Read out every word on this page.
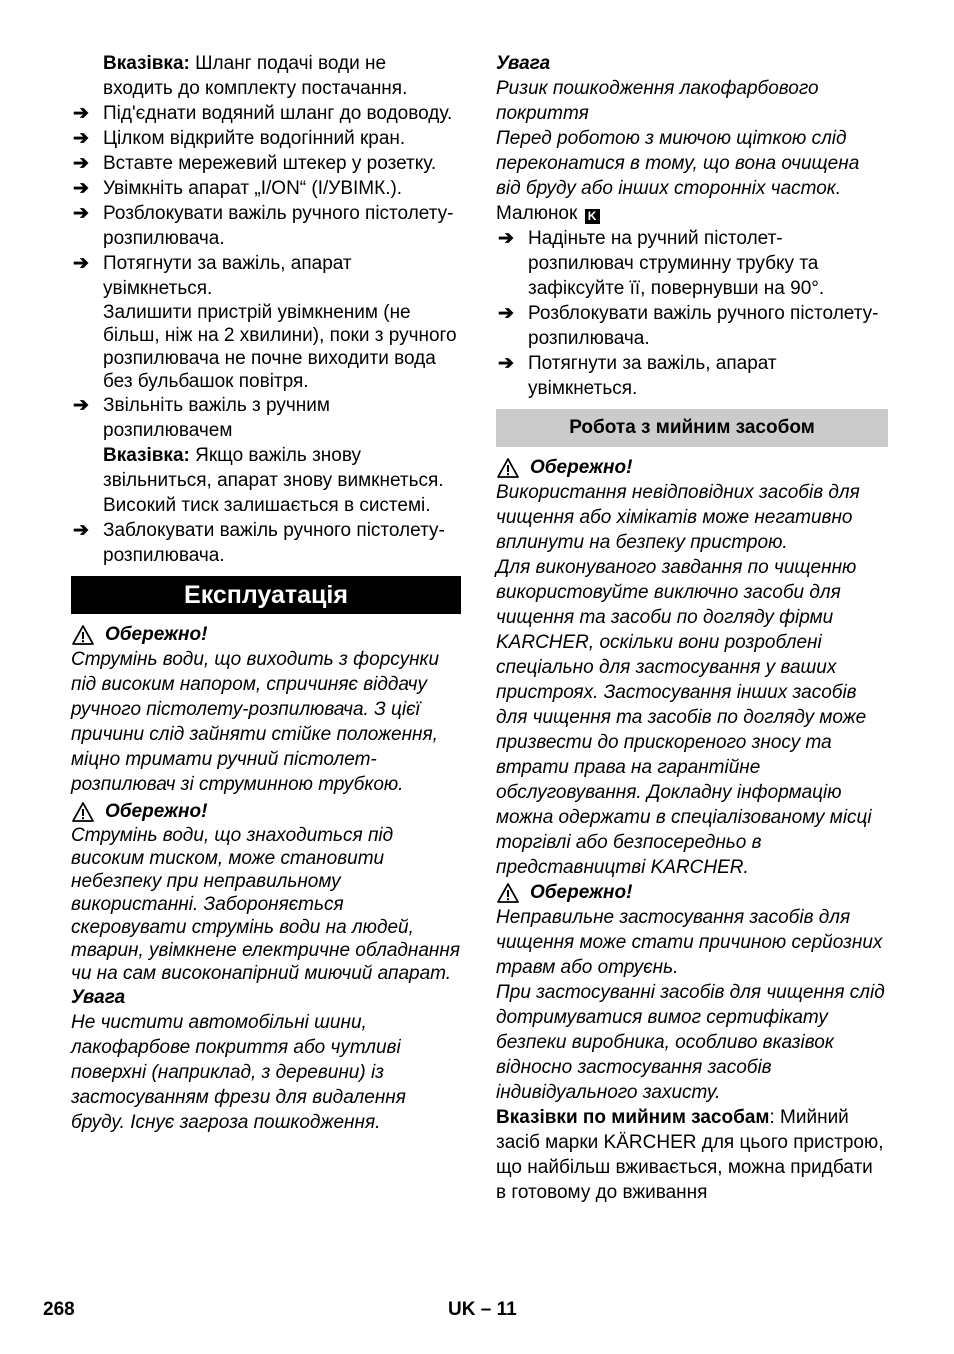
Вказівка: Шланг подачі води не входить до комплекту постачання.

➔ Під'єднати водяний шланг до водоводу.

➔ Цілком відкрийте водогінний кран.

➔ Вставте мережевий штекер у розетку.

➔ Увімкніть апарат „I/ON“ (I/УВІМК.).

➔ Розблокувати важіль ручного пістолету-розпилювача.

➔ Потягнути за важіль, апарат увімкнеться.

Залишити пристрій увімкненим (не більш, ніж на 2 хвилини), поки з ручного розпилювача не почне виходити вода без бульбашок повітря.

➔ Звільніть важіль з ручним розпилювачем

Вказівка: Якщо важіль знову звільниться, апарат знову вимкнеться. Високий тиск залишається в системі.

➔ Заблокувати важіль ручного пістолету-розпилювача.

Експлуатація
Обережно!

Струмінь води, що виходить з форсунки під високим напором, спричиняє віддачу ручного пістолету-розпилювача. З цієї причини слід зайняти стійке положення, міцно тримати ручний пістолет-розпилювач зі струминною трубкою.

Обережно!

Струмінь води, що знаходиться під високим тиском, може становити небезпеку при неправильному використанні. Забороняється скеровувати струмінь води на людей, тварин, увімкнене електричне обладнання чи на сам високонапірний миючий апарат.

Увага

Не чистити автомобільні шини, лакофарбове покриття або чутливі поверхні (наприклад, з деревини) із застосуванням фрези для видалення бруду. Існує загроза пошкодження.

Увага

Ризик пошкодження лакофарбового покриття

Перед роботою з миючою щіткою слід переконатися в тому, що вона очищена від бруду або інших сторонніх часток.

Малюнок K

➔ Надіньте на ручний пістолет-розпилювач струминну трубку та зафіксуйте її, повернувши на 90°.

➔ Розблокувати важіль ручного пістолету-розпилювача.

➔ Потягнути за важіль, апарат увімкнеться.

Робота з мийним засобом
Обережно!

Використання невідповідних засобів для чищення або хімікатів може негативно вплинути на безпеку пристрою.

Для виконуваного завдання по чищенню використовуйте виключно засоби для чищення та засоби по догляду фірми KARCHER, оскільки вони розроблені спеціально для застосування у ваших пристроях. Застосування інших засобів для чищення та засобів по догляду може призвести до прискореного зносу та втрати права на гарантійне обслуговування. Докладну інформацію можна одержати в спеціалізованому місці торгівлі або безпосередньо в представництві KARCHER.

Обережно!

Неправильне застосування засобів для чищення може стати причиною серйозних травм або отруєнь.

При застосуванні засобів для чищення слід дотримуватися вимог сертифікату безпеки виробника, особливо вказівок відносно застосування засобів індивідуального захисту.

Вказівки по мийним засобам: Мийний засіб марки KÄRCHER для цього пристрою, що найбільш вживається, можна придбати в готовому до вживання

268	UK – 11
